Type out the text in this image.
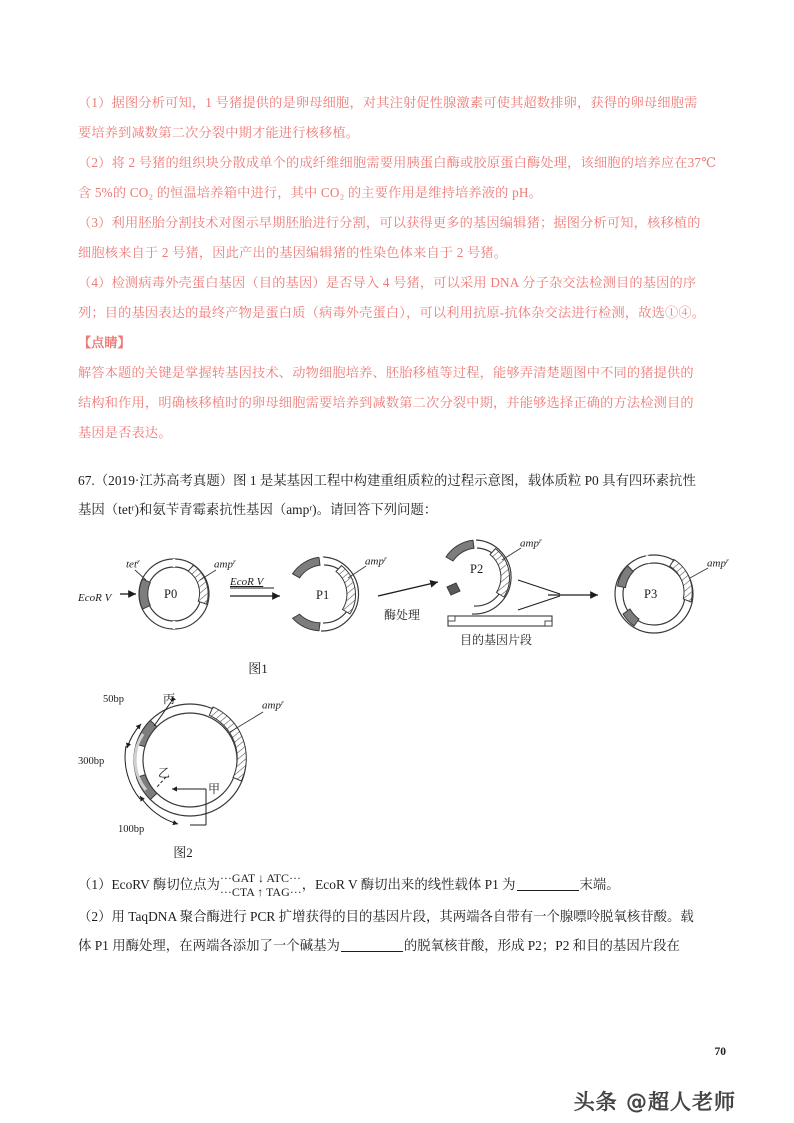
（1）据图分析可知，1 号猪提供的是卵母细胞，对其注射促性腺激素可使其超数排卵，获得的卵母细胞需
要培养到减数第二次分裂中期才能进行核移植。
（2）将 2 号猪的组织块分散成单个的成纤维细胞需要用胰蛋白酶或胶原蛋白酶处理，该细胞的培养应在37℃
含 5%的 CO₂ 的恒温培养箱中进行，其中 CO₂ 的主要作用是维持培养液的 pH。
（3）利用胚胎分割技术对图示早期胚胎进行分割，可以获得更多的基因编辑猪；据图分析可知，核移植的
细胞核来自于 2 号猪，因此产出的基因编辑猪的性染色体来自于 2 号猪。
（4）检测病毒外壳蛋白基因（目的基因）是否导入 4 号猪，可以采用 DNA 分子杂交法检测目的基因的序
列；目的基因表达的最终产物是蛋白质（病毒外壳蛋白），可以利用抗原-抗体杂交法进行检测，故选①④。
【点睛】
解答本题的关键是掌握转基因技术、动物细胞培养、胚胎移植等过程，能够弄清楚题图中不同的猪提供的
结构和作用，明确核移植时的卵母细胞需要培养到减数第二次分裂中期，并能够选择正确的方法检测目的
基因是否表达。
67.（2019·江苏高考真题）图 1 是某基因工程中构建重组质粒的过程示意图，载体质粒 P0 具有四环素抗性
基因（tetʳ)和氨苄青霉素抗性基因（ampʳ)。请回答下列问题：
EcoR V
tet$^r$	amp$^r$
EcoR V
P0	P1
amp$^r$
酶处理
P2
amp$^r$
目的基因片段
P3
amp$^r$
图1
50bp
300bp
100bp
丙
乙
甲
amp$^r$
图2
（1）EcoRV 酶切位点为 ···GAT ↓ ATC···
···CTA ↑ TAG··· ，EcoR V 酶切出来的线性载体 P1 为	末端。
（2）用 TaqDNA 聚合酶进行 PCR 扩增获得的目的基因片段，其两端各自带有一个腺嘌呤脱氧核苷酸。载
体 P1 用酶处理，在两端各添加了一个碱基为	的脱氧核苷酸，形成 P2；P2 和目的基因片段在
70
头条 @超人老师
